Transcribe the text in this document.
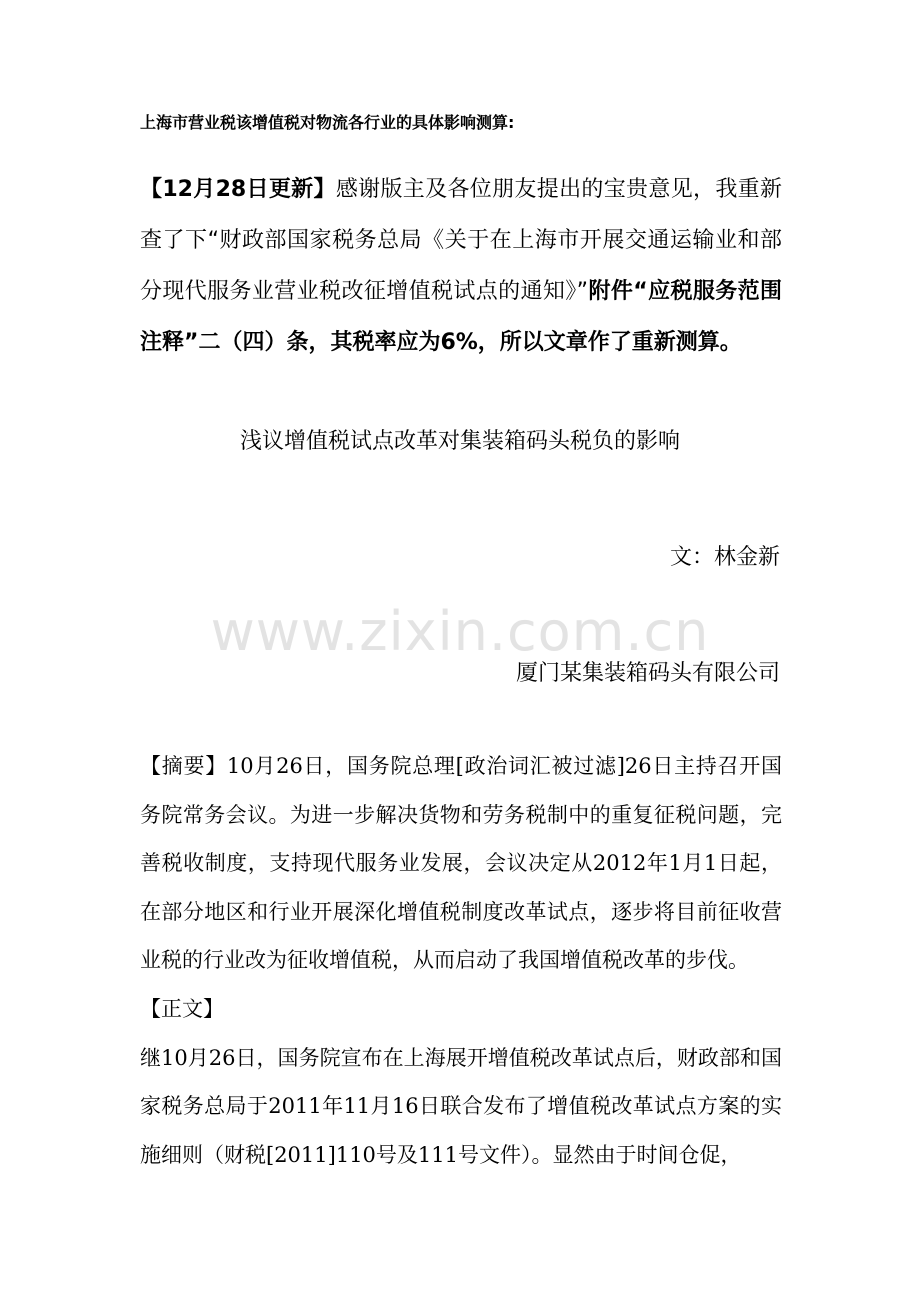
上海市营业税该增值税对物流各行业的具体影响测算:
【12月28日更新】感谢版主及各位朋友提出的宝贵意见，我重新查了下“财政部国家税务总局《关于在上海市开展交通运输业和部分现代服务业营业税改征增值税试点的通知》”附件“应税服务范围注释”二（四）条，其税率应为6%，所以文章作了重新测算。
浅议增值税试点改革对集装箱码头税负的影响
文：林金新
www.zixin.com.cn
厦门某集装箱码头有限公司

【摘要】10月26日，国务院总理[政治词汇被过滤]26日主持召开国务院常务会议。为进一步解决货物和劳务税制中的重复征税问题，完善税收制度，支持现代服务业发展，会议决定从2012年1月1日起，在部分地区和行业开展深化增值税制度改革试点，逐步将目前征收营业税的行业改为征收增值税，从而启动了我国增值税改革的步伐。

【正文】

继10月26日，国务院宣布在上海展开增值税改革试点后，财政部和国家税务总局于2011年11月16日联合发布了增值税改革试点方案的实施细则（财税[2011]110号及111号文件）。显然由于时间仓促，
